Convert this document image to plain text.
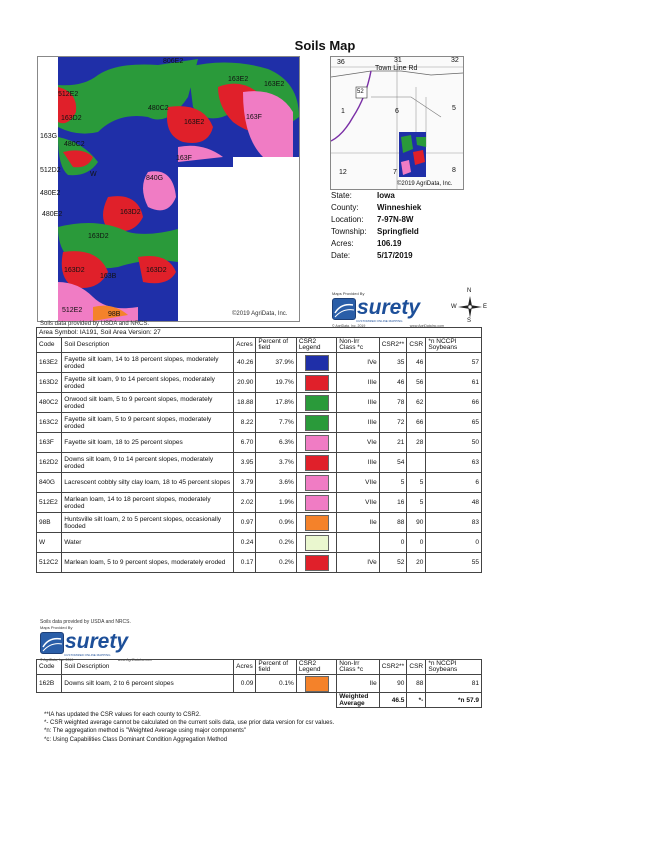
Soils Map
806E2
163E2
163E2
512E2
480C2
163D2
163E2
163F
163G
480C2
163F
512D2
W
840G
480E2
480E2	163D2
163D2
163D2	163D2
163B
512E2
98B	©2019 AgriData, Inc.
Soils data provided by USDA and NRCS.
36	31	32
Town Line Rd
52
1	6	5
12	7	8
©2019 AgriData, Inc.
State:	Iowa
County:	Winneshiek
Location:	7-97N-8W
Township:	Springfield
Acres:	106.19
Date:	5/17/2019
Maps Provided By
surety
CUSTOMIZED ONLINE MAPPING
© AgriData, Inc. 2019	www.AgriDataInc.com
N
S
E
W
Area Symbol: IA191, Soil Area Version: 27								
Code	Soil Description	Acres	Percent of field	CSR2 Legend	Non-Irr Class *c	CSR2**	CSR	*n NCCPI Soybeans
163E2	Fayette silt loam, 14 to 18 percent slopes, moderately eroded	40.26	37.9%		IVe	35	46	57
163D2	Fayette silt loam, 9 to 14 percent slopes, moderately eroded	20.90	19.7%		IIIe	46	56	61
480C2	Orwood silt loam, 5 to 9 percent slopes, moderately eroded	18.88	17.8%		IIIe	78	62	66
163C2	Fayette silt loam, 5 to 9 percent slopes, moderately eroded	8.22	7.7%		IIIe	72	66	65
163F	Fayette silt loam, 18 to 25 percent slopes	6.70	6.3%		VIe	21	28	50
162D2	Downs silt loam, 9 to 14 percent slopes, moderately eroded	3.95	3.7%		IIIe	54		63
840G	Lacrescent cobbly silty clay loam, 18 to 45 percent slopes	3.79	3.6%		VIIe	5	5	6
512E2	Marlean loam, 14 to 18 percent slopes, moderately eroded	2.02	1.9%		VIIe	16	5	48
98B	Huntsville silt loam, 2 to 5 percent slopes, occasionally flooded	0.97	0.9%		IIe	88	90	83
W	Water	0.24	0.2%			0	0	0
512C2	Marlean loam, 5 to 9 percent slopes, moderately eroded	0.17	0.2%		IVe	52	20	55
Soils data provided by USDA and NRCS.
Maps Provided By
surety
CUSTOMIZED ONLINE MAPPING
© AgriData, Inc. 2019	www.AgriDataInc.com
Code	Soil Description	Acres	Percent of field	CSR2 Legend	Non-Irr Class *c	CSR2**	CSR	*n NCCPI Soybeans
162B	Downs silt loam, 2 to 6 percent slopes	0.09	0.1%		IIe	90	88	81
					Weighted Average	46.5	*-	*n 57.9
**IA has updated the CSR values for each county to CSR2.
*- CSR weighted average cannot be calculated on the current soils data, use prior data version for csr values.
*n: The aggregation method is "Weighted Average using major components"
*c: Using Capabilities Class Dominant Condition Aggregation Method
